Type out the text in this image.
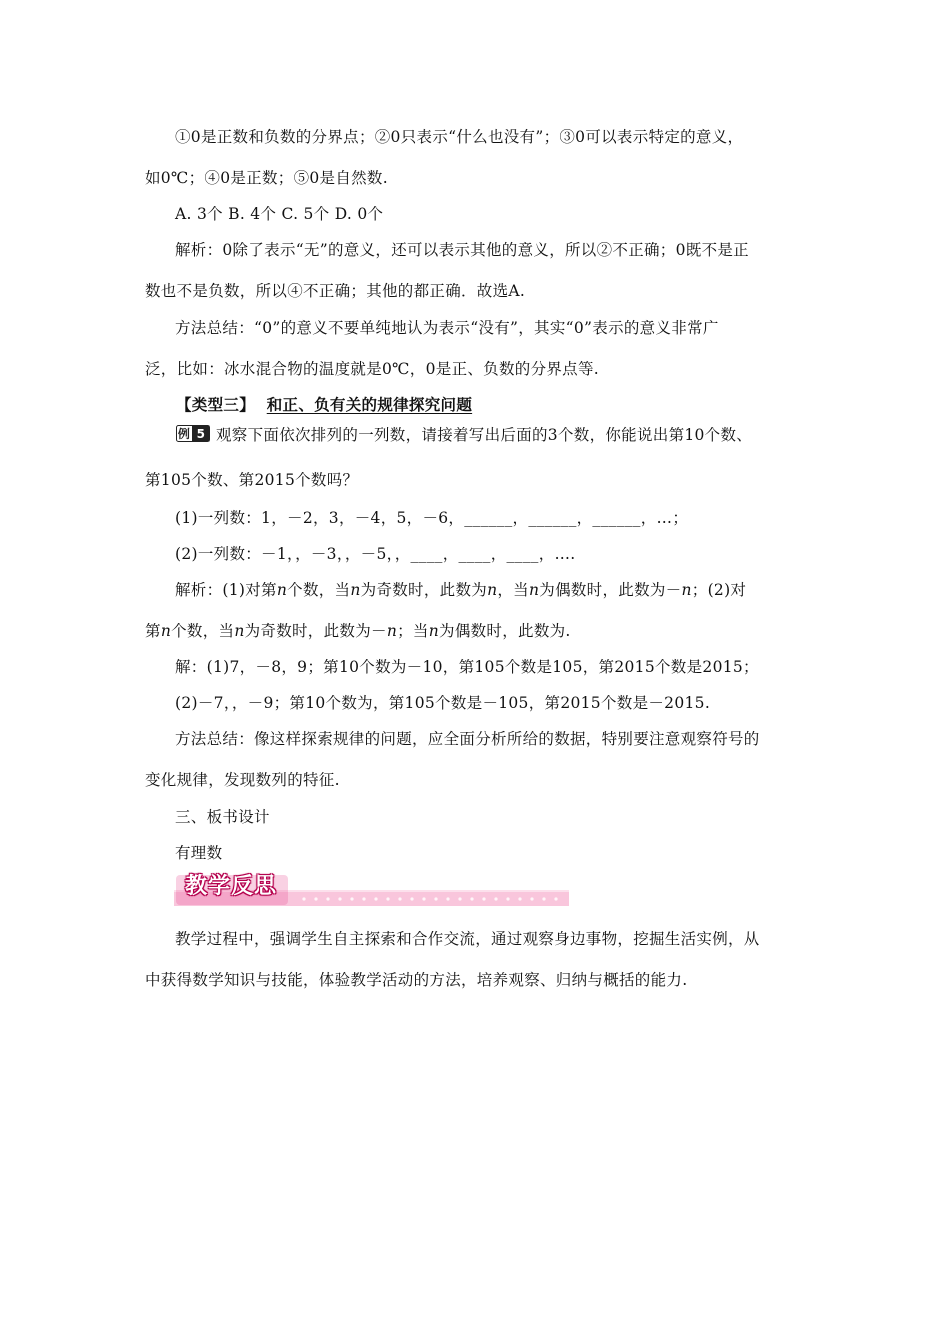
①0是正数和负数的分界点；②0只表示“什么也没有”；③0可以表示特定的意义，
如0℃；④0是正数；⑤0是自然数.
A. 3个 B. 4个 C. 5个 D. 0个
解析：0除了表示“无”的意义，还可以表示其他的意义，所以②不正确；0既不是正
数也不是负数，所以④不正确；其他的都正确．故选A.
方法总结：“0”的意义不要单纯地认为表示“没有”，其实“0”表示的意义非常广
泛，比如：冰水混合物的温度就是0℃，0是正、负数的分界点等.
【类型三】 和正、负有关的规律探究问题
例 5 观察下面依次排列的一列数，请接着写出后面的3个数，你能说出第10个数、
第105个数、第2015个数吗？
(1)一列数：1，－2，3，－4，5，－6，______，______，______，…；
(2)一列数：－1，，－3，，－5，，____，____，____，….
解析：(1)对第n个数，当n为奇数时，此数为n，当n为偶数时，此数为－n；(2)对
第n个数，当n为奇数时，此数为－n；当n为偶数时，此数为.
解：(1)7，－8，9；第10个数为－10，第105个数是105，第2015个数是2015；
(2)－7，，－9；第10个数为，第105个数是－105，第2015个数是－2015.
方法总结：像这样探索规律的问题，应全面分析所给的数据，特别要注意观察符号的
变化规律，发现数列的特征.
三、板书设计
有理数
教学反思
教学过程中，强调学生自主探索和合作交流，通过观察身边事物，挖掘生活实例，从
中获得数学知识与技能，体验教学活动的方法，培养观察、归纳与概括的能力.
